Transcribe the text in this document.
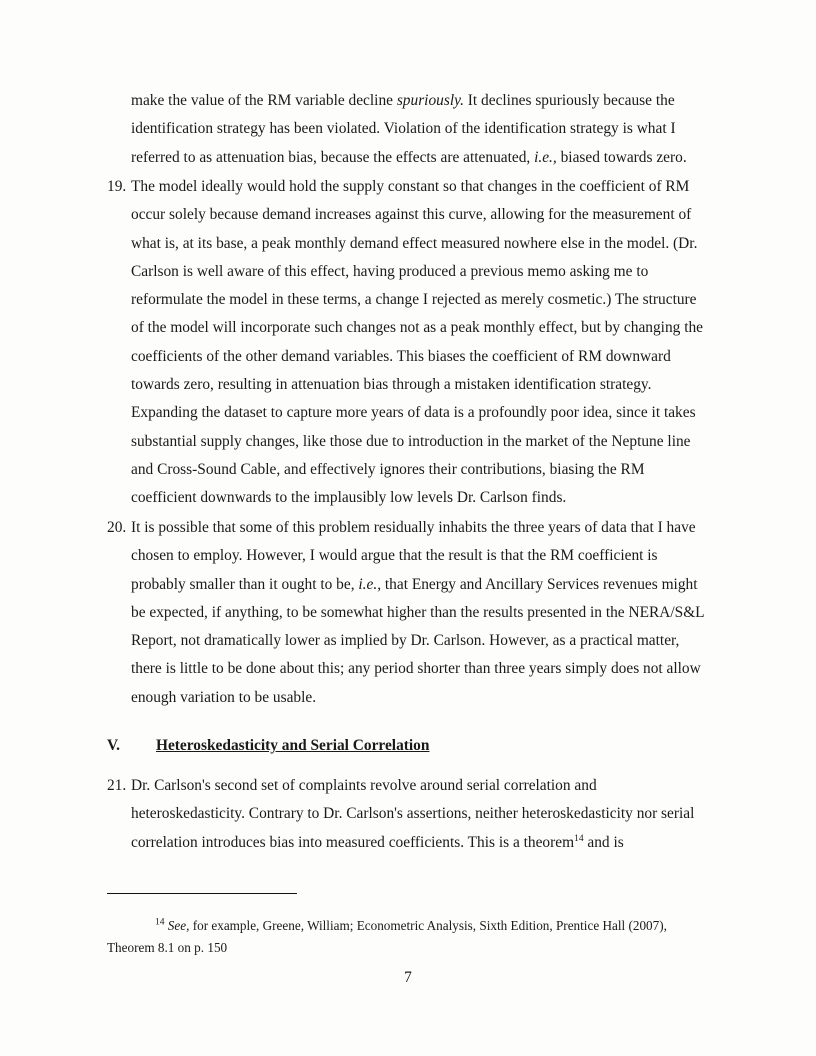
make the value of the RM variable decline spuriously. It declines spuriously because the
identification strategy has been violated. Violation of the identification strategy is what I
referred to as attenuation bias, because the effects are attenuated, i.e., biased towards zero.
19. The model ideally would hold the supply constant so that changes in the coefficient of RM
occur solely because demand increases against this curve, allowing for the measurement of
what is, at its base, a peak monthly demand effect measured nowhere else in the model. (Dr.
Carlson is well aware of this effect, having produced a previous memo asking me to
reformulate the model in these terms, a change I rejected as merely cosmetic.) The structure
of the model will incorporate such changes not as a peak monthly effect, but by changing the
coefficients of the other demand variables. This biases the coefficient of RM downward
towards zero, resulting in attenuation bias through a mistaken identification strategy.
Expanding the dataset to capture more years of data is a profoundly poor idea, since it takes
substantial supply changes, like those due to introduction in the market of the Neptune line
and Cross-Sound Cable, and effectively ignores their contributions, biasing the RM
coefficient downwards to the implausibly low levels Dr. Carlson finds.
20. It is possible that some of this problem residually inhabits the three years of data that I have
chosen to employ. However, I would argue that the result is that the RM coefficient is
probably smaller than it ought to be, i.e., that Energy and Ancillary Services revenues might
be expected, if anything, to be somewhat higher than the results presented in the NERA/S&L
Report, not dramatically lower as implied by Dr. Carlson. However, as a practical matter,
there is little to be done about this; any period shorter than three years simply does not allow
enough variation to be usable.
V. Heteroskedasticity and Serial Correlation
21. Dr. Carlson's second set of complaints revolve around serial correlation and
heteroskedasticity. Contrary to Dr. Carlson's assertions, neither heteroskedasticity nor serial
correlation introduces bias into measured coefficients. This is a theorem$^{14}$ and is
$^{14}$ See, for example, Greene, William; Econometric Analysis, Sixth Edition, Prentice Hall (2007),
Theorem 8.1 on p. 150
7
